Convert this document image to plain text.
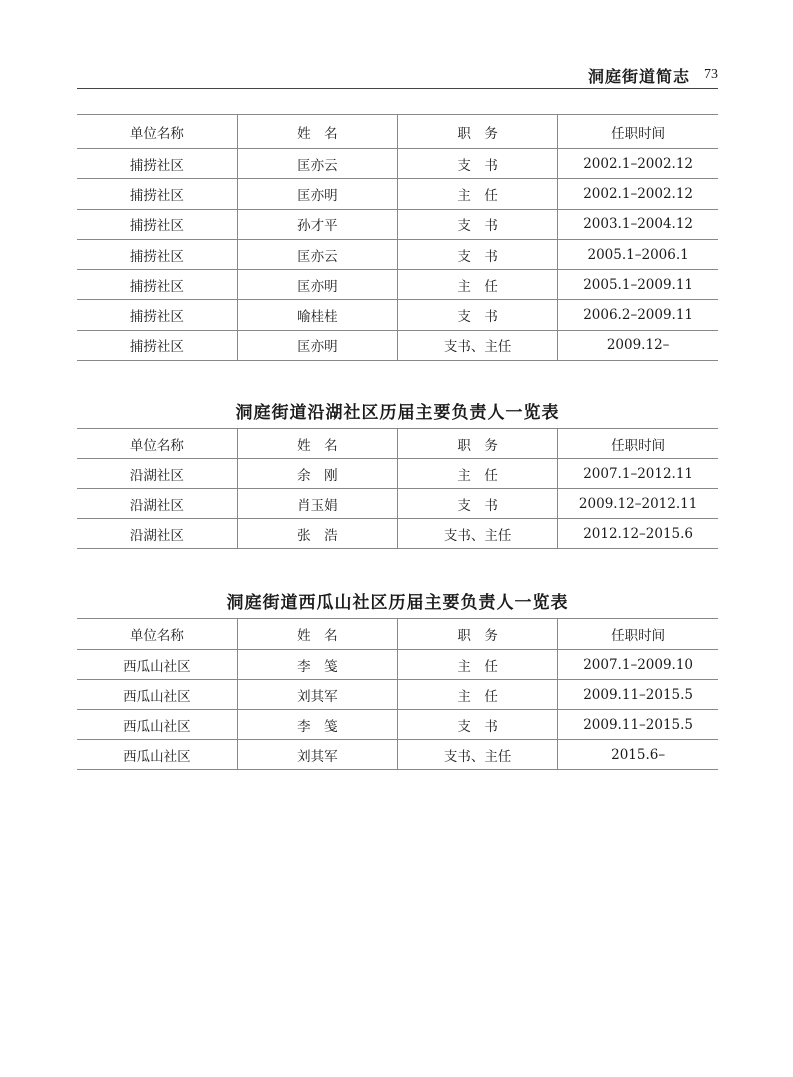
洞庭街道简志 73
单位名称	姓　名	职　务	任职时间
捕捞社区	匡亦云	支　书	2002.1–2002.12
捕捞社区	匡亦明	主　任	2002.1–2002.12
捕捞社区	孙才平	支　书	2003.1–2004.12
捕捞社区	匡亦云	支　书	2005.1–2006.1
捕捞社区	匡亦明	主　任	2005.1–2009.11
捕捞社区	喻桂桂	支　书	2006.2–2009.11
捕捞社区	匡亦明	支书、主任	2009.12–
洞庭街道沿湖社区历届主要负责人一览表
单位名称	姓　名	职　务	任职时间
沿湖社区	余　刚	主　任	2007.1–2012.11
沿湖社区	肖玉娟	支　书	2009.12–2012.11
沿湖社区	张　浩	支书、主任	2012.12–2015.6
洞庭街道西瓜山社区历届主要负责人一览表
单位名称	姓　名	职　务	任职时间
西瓜山社区	李　笺	主　任	2007.1–2009.10
西瓜山社区	刘其军	主　任	2009.11–2015.5
西瓜山社区	李　笺	支　书	2009.11–2015.5
西瓜山社区	刘其军	支书、主任	2015.6–
